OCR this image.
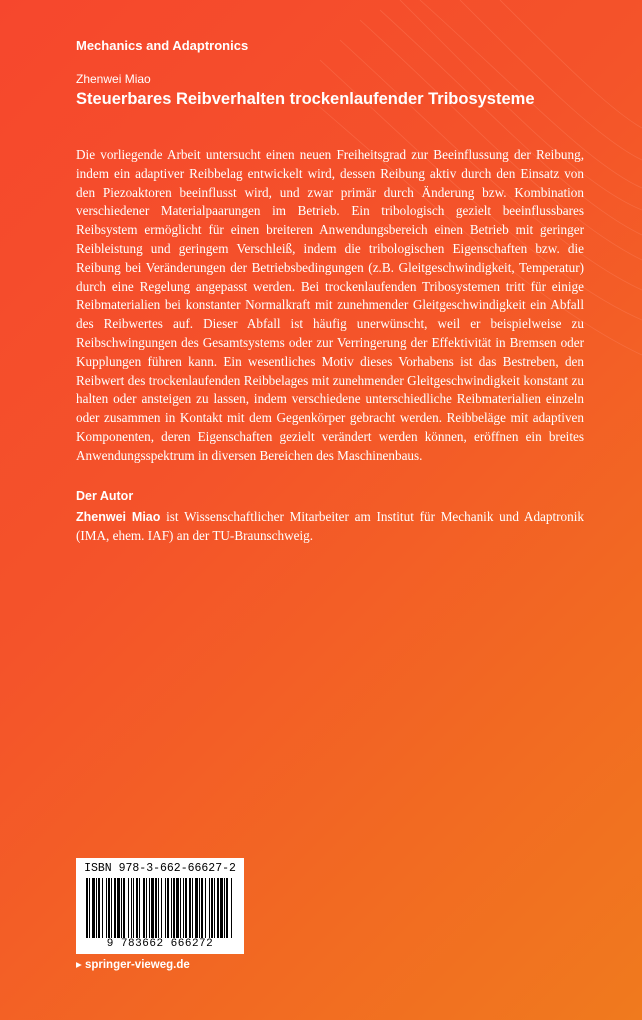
Mechanics and Adaptronics
Zhenwei Miao
Steuerbares Reibverhalten trockenlaufender Tribosysteme

Die vorliegende Arbeit untersucht einen neuen Freiheitsgrad zur Beeinflussung der Reibung, indem ein adaptiver Reibbelag entwickelt wird, dessen Reibung aktiv durch den Einsatz von den Piezoaktoren beeinflusst wird, und zwar primär durch Änderung bzw. Kombination verschiedener Materialpaarungen im Betrieb. Ein tribologisch gezielt beeinflussbares Reibsystem ermöglicht für einen breiteren Anwendungsbereich einen Betrieb mit geringer Reibleistung und geringem Verschleiß, indem die tribologischen Eigenschaften bzw. die Reibung bei Veränderungen der Betriebsbedingungen (z.B. Gleitgeschwindigkeit, Temperatur) durch eine Regelung angepasst werden. Bei trockenlaufenden Tribosystemen tritt für einige Reibmaterialien bei konstanter Normalkraft mit zunehmender Gleitgeschwindigkeit ein Abfall des Reibwertes auf. Dieser Abfall ist häufig unerwünscht, weil er beispielweise zu Reibschwingungen des Gesamtsystems oder zur Verringerung der Effektivität in Bremsen oder Kupplungen führen kann. Ein wesentliches Motiv dieses Vorhabens ist das Bestreben, den Reibwert des trockenlaufenden Reibbelages mit zunehmender Gleitgeschwindigkeit konstant zu halten oder ansteigen zu lassen, indem verschiedene unterschiedliche Reibmaterialien einzeln oder zusammen in Kontakt mit dem Gegenkörper gebracht werden. Reibbeläge mit adaptiven Komponenten, deren Eigenschaften gezielt verändert werden können, eröffnen ein breites Anwendungsspektrum in diversen Bereichen des Maschinenbaus.

Der Autor

Zhenwei Miao ist Wissenschaftlicher Mitarbeiter am Institut für Mechanik und Adaptronik (IMA, ehem. IAF) an der TU-Braunschweig.

ISBN 978-3-662-66627-2
9 783662 666272
▸ springer-vieweg.de
